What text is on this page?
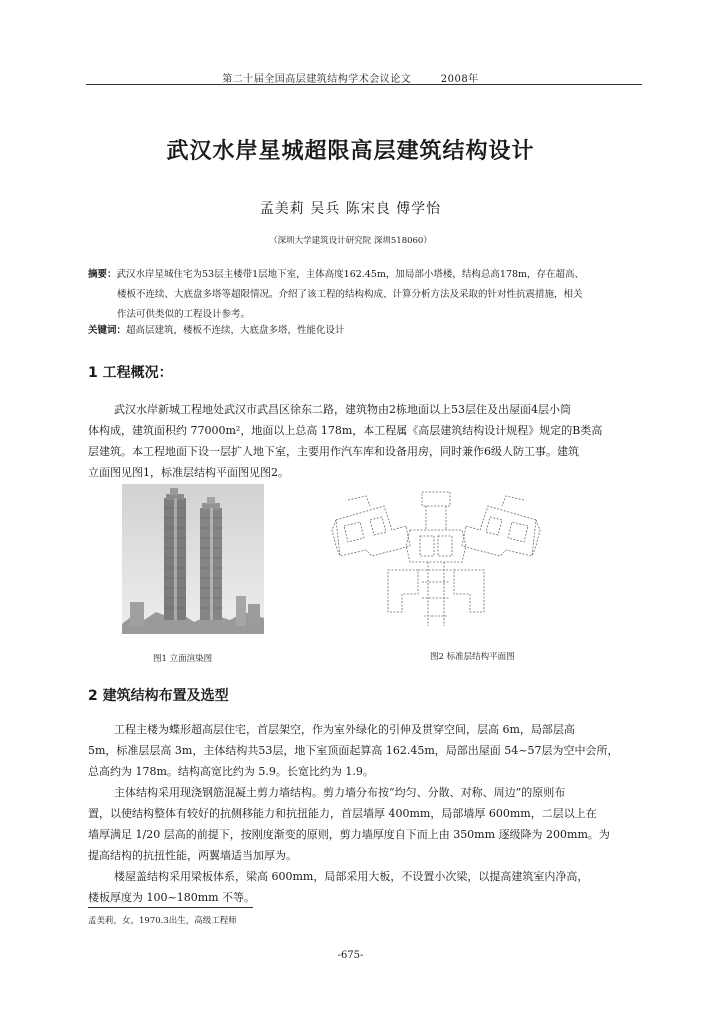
第二十届全国高层建筑结构学术会议论文        2008年
武汉水岸星城超限高层建筑结构设计
孟美莉 吴兵 陈宋良 傅学怡
（深圳大学建筑设计研究院 深圳518060）
摘要：武汉水岸星城住宅为53层主楼带1层地下室，主体高度162.45m，加局部小塔楼，结构总高178m，存在超高、
楼板不连续、大底盘多塔等超限情况。介绍了该工程的结构构成、计算分析方法及采取的针对性抗震措施，相关
作法可供类似的工程设计参考。
关键词：超高层建筑，楼板不连续，大底盘多塔，性能化设计
1 工程概况：
武汉水岸新城工程地处武汉市武昌区徐东二路，建筑物由2栋地面以上53层住及出屋面4层小筒
体构成，建筑面积约 77000m²，地面以上总高 178m，本工程属《高层建筑结构设计规程》规定的B类高
层建筑。本工程地面下设一层扩人地下室，主要用作汽车库和设备用房，同时兼作6级人防工事。建筑
立面图见图1，标准层结构平面图见图2。
图1 立面渲染图	图2 标准层结构平面图
2 建筑结构布置及选型
工程主楼为蝶形超高层住宅，首层架空，作为室外绿化的引伸及贯穿空间，层高 6m，局部层高
5m，标准层层高 3m，主体结构共53层，地下室顶面起算高 162.45m，局部出屋面 54~57层为空中会所，
总高约为 178m。结构高宽比约为 5.9。长宽比约为 1.9。
主体结构采用现浇钢筋混凝土剪力墙结构。剪力墙分布按“均匀、分散、对称、周边”的原则布
置，以使结构整体有较好的抗侧移能力和抗扭能力，首层墙厚 400mm，局部墙厚 600mm，二层以上在
墙厚满足 1/20 层高的前提下，按刚度渐变的原则，剪力墙厚度自下而上由 350mm 逐级降为 200mm。为
提高结构的抗扭性能，两翼墙适当加厚为。
楼屋盖结构采用梁板体系，梁高 600mm，局部采用大板，不设置小次梁，以提高建筑室内净高，
楼板厚度为 100~180mm 不等。
孟美莉，女，1970.3出生，高级工程师
-675-
